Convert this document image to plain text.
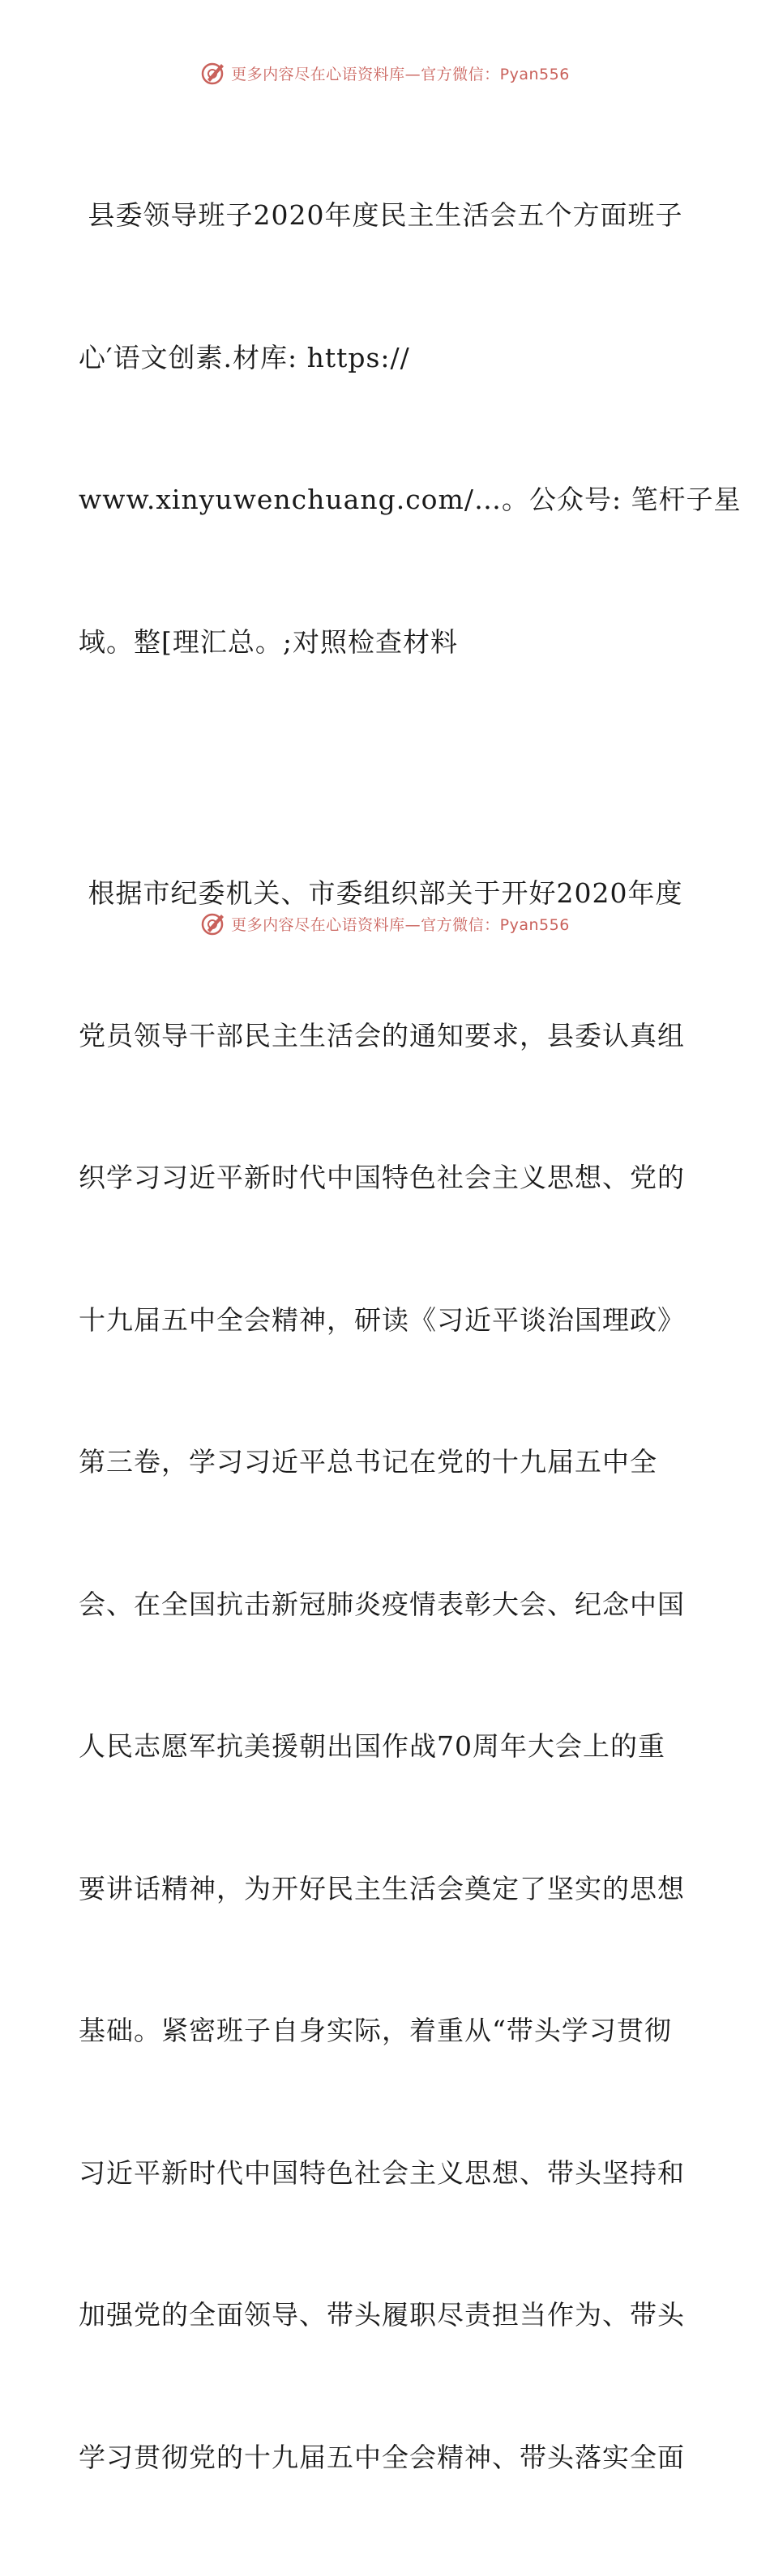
更多内容尽在心语资料库—官方微信：Pyan556

县委领导班子2020年度民主生活会五个方面班子

心′语文创素.材库: https://

www.xinyuwenchuang.com/…。公众号: 笔杆子星

域。整[理汇总。;对照检查材料

根据市纪委机关、市委组织部关于开好2020年度

党员领导干部民主生活会的通知要求，县委认真组

织学习习近平新时代中国特色社会主义思想、党的

十九届五中全会精神，研读《习近平谈治国理政》

第三卷，学习习近平总书记在党的十九届五中全

会、在全国抗击新冠肺炎疫情表彰大会、纪念中国

人民志愿军抗美援朝出国作战70周年大会上的重

要讲话精神，为开好民主生活会奠定了坚实的思想

基础。紧密班子自身实际，着重从“带头学习贯彻

习近平新时代中国特色社会主义思想、带头坚持和

加强党的全面领导、带头履职尽责担当作为、带头

学习贯彻党的十九届五中全会精神、带头落实全面

更多内容尽在心语资料库—官方微信：Pyan556
